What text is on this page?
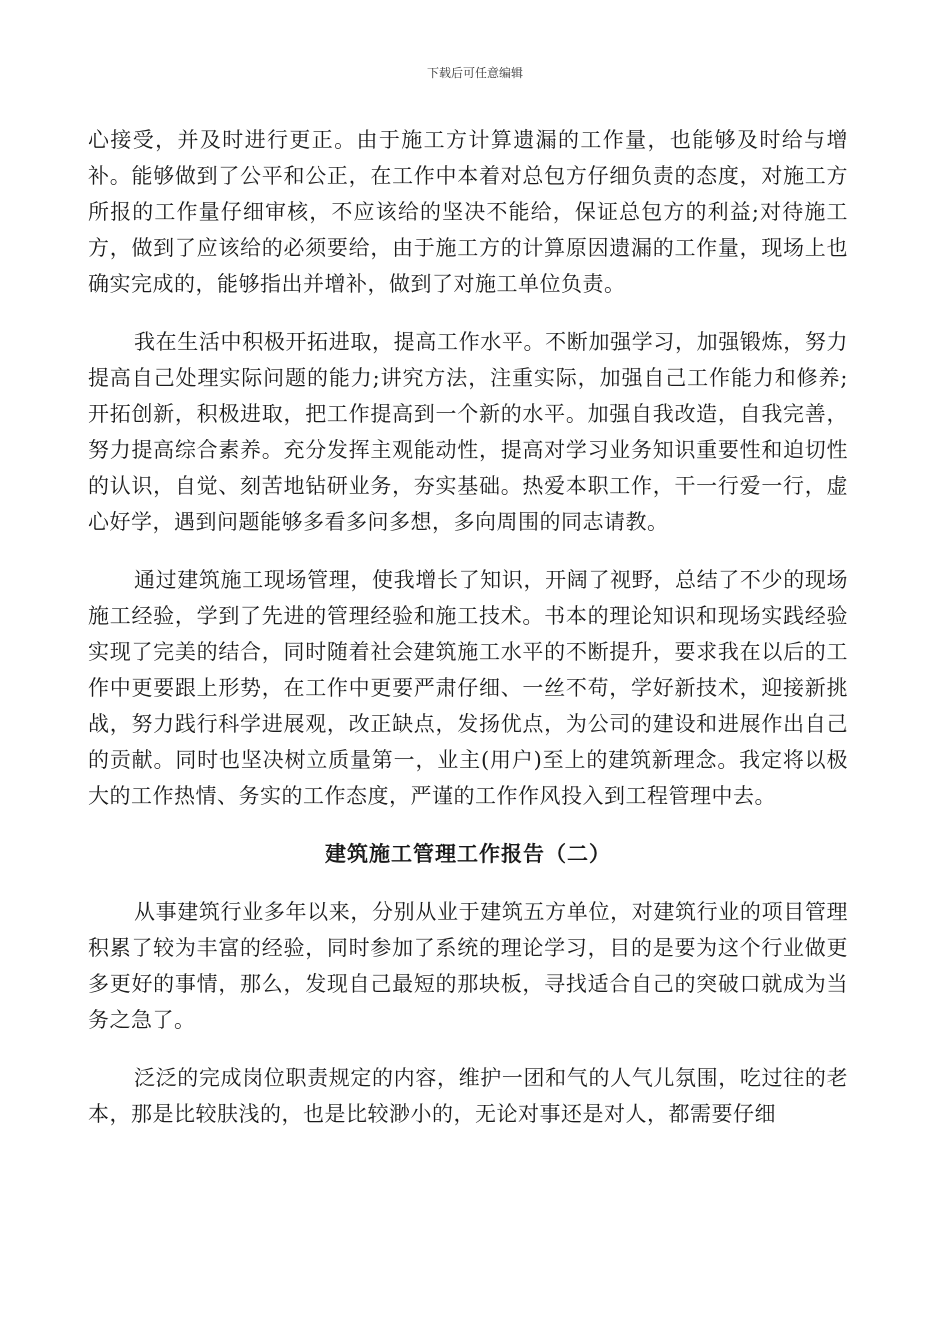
下载后可任意编辑

心接受，并及时进行更正。由于施工方计算遗漏的工作量，也能够及时给与增补。能够做到了公平和公正，在工作中本着对总包方仔细负责的态度，对施工方所报的工作量仔细审核，不应该给的坚决不能给，保证总包方的利益;对待施工方，做到了应该给的必须要给，由于施工方的计算原因遗漏的工作量，现场上也确实完成的，能够指出并增补，做到了对施工单位负责。

我在生活中积极开拓进取，提高工作水平。不断加强学习，加强锻炼，努力提高自己处理实际问题的能力;讲究方法，注重实际，加强自己工作能力和修养;开拓创新，积极进取，把工作提高到一个新的水平。加强自我改造，自我完善，努力提高综合素养。充分发挥主观能动性，提高对学习业务知识重要性和迫切性的认识，自觉、刻苦地钻研业务，夯实基础。热爱本职工作，干一行爱一行，虚心好学，遇到问题能够多看多问多想，多向周围的同志请教。

通过建筑施工现场管理，使我增长了知识，开阔了视野，总结了不少的现场施工经验，学到了先进的管理经验和施工技术。书本的理论知识和现场实践经验实现了完美的结合，同时随着社会建筑施工水平的不断提升，要求我在以后的工作中更要跟上形势，在工作中更要严肃仔细、一丝不苟，学好新技术，迎接新挑战，努力践行科学进展观，改正缺点，发扬优点，为公司的建设和进展作出自己的贡献。同时也坚决树立质量第一，业主(用户)至上的建筑新理念。我定将以极大的工作热情、务实的工作态度，严谨的工作作风投入到工程管理中去。

建筑施工管理工作报告（二）

从事建筑行业多年以来，分别从业于建筑五方单位，对建筑行业的项目管理积累了较为丰富的经验，同时参加了系统的理论学习，目的是要为这个行业做更多更好的事情，那么，发现自己最短的那块板，寻找适合自己的突破口就成为当务之急了。

泛泛的完成岗位职责规定的内容，维护一团和气的人气儿氛围，吃过往的老本，那是比较肤浅的，也是比较渺小的，无论对事还是对人，都需要仔细
